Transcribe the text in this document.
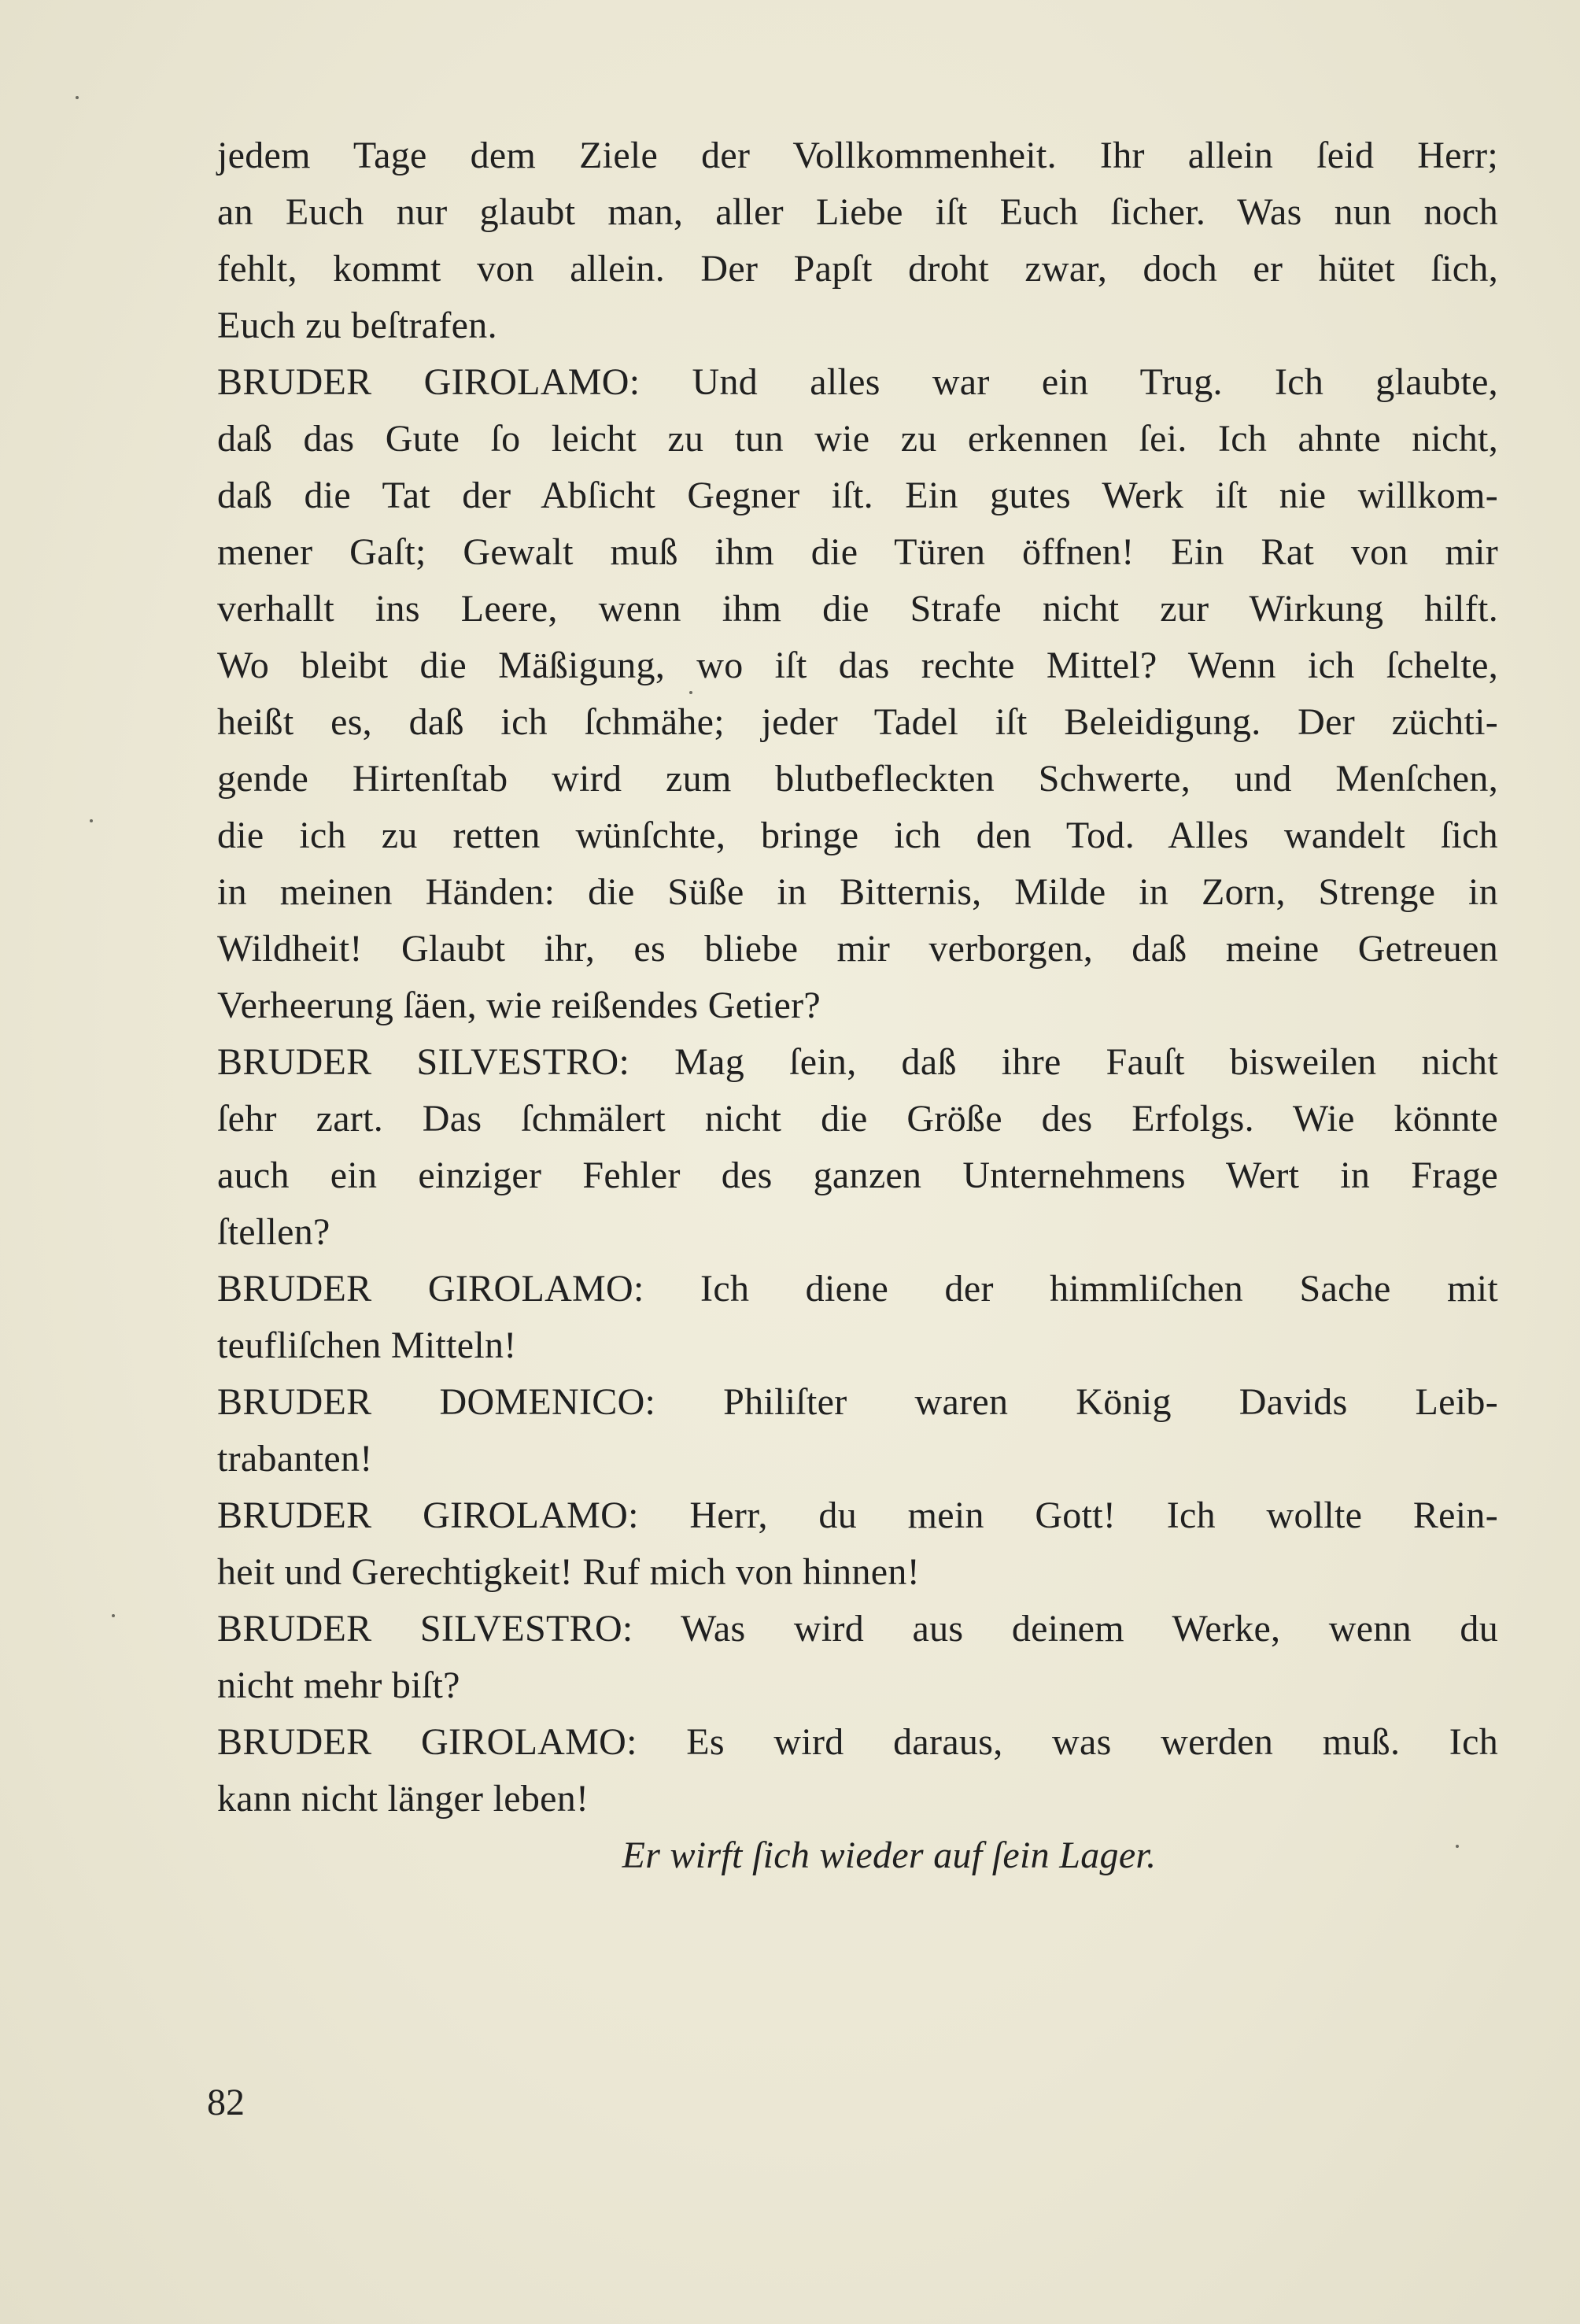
jedem Tage dem Ziele der Vollkommenheit. Ihr allein ſeid Herr;
an Euch nur glaubt man, aller Liebe iſt Euch ſicher. Was nun noch
fehlt, kommt von allein. Der Papſt droht zwar, doch er hütet ſich,
Euch zu beſtrafen.
BRUDER GIROLAMO: Und alles war ein Trug. Ich glaubte,
daß das Gute ſo leicht zu tun wie zu erkennen ſei. Ich ahnte nicht,
daß die Tat der Abſicht Gegner iſt. Ein gutes Werk iſt nie willkom-
mener Gaſt; Gewalt muß ihm die Türen öffnen! Ein Rat von mir
verhallt ins Leere, wenn ihm die Strafe nicht zur Wirkung hilft.
Wo bleibt die Mäßigung, wo iſt das rechte Mittel? Wenn ich ſchelte,
heißt es, daß ich ſchmähe; jeder Tadel iſt Beleidigung. Der züchti-
gende Hirtenſtab wird zum blutbefleckten Schwerte, und Menſchen,
die ich zu retten wünſchte, bringe ich den Tod. Alles wandelt ſich
in meinen Händen: die Süße in Bitternis, Milde in Zorn, Strenge in
Wildheit! Glaubt ihr, es bliebe mir verborgen, daß meine Getreuen
Verheerung ſäen, wie reißendes Getier?
BRUDER SILVESTRO: Mag ſein, daß ihre Fauſt bisweilen nicht
ſehr zart. Das ſchmälert nicht die Größe des Erfolgs. Wie könnte
auch ein einziger Fehler des ganzen Unternehmens Wert in Frage
ſtellen?
BRUDER GIROLAMO: Ich diene der himmliſchen Sache mit
teufliſchen Mitteln!
BRUDER DOMENICO: Philiſter waren König Davids Leib-
trabanten!
BRUDER GIROLAMO: Herr, du mein Gott! Ich wollte Rein-
heit und Gerechtigkeit! Ruf mich von hinnen!
BRUDER SILVESTRO: Was wird aus deinem Werke, wenn du
nicht mehr biſt?
BRUDER GIROLAMO: Es wird daraus, was werden muß. Ich
kann nicht länger leben!
Er wirft ſich wieder auf ſein Lager.
82
